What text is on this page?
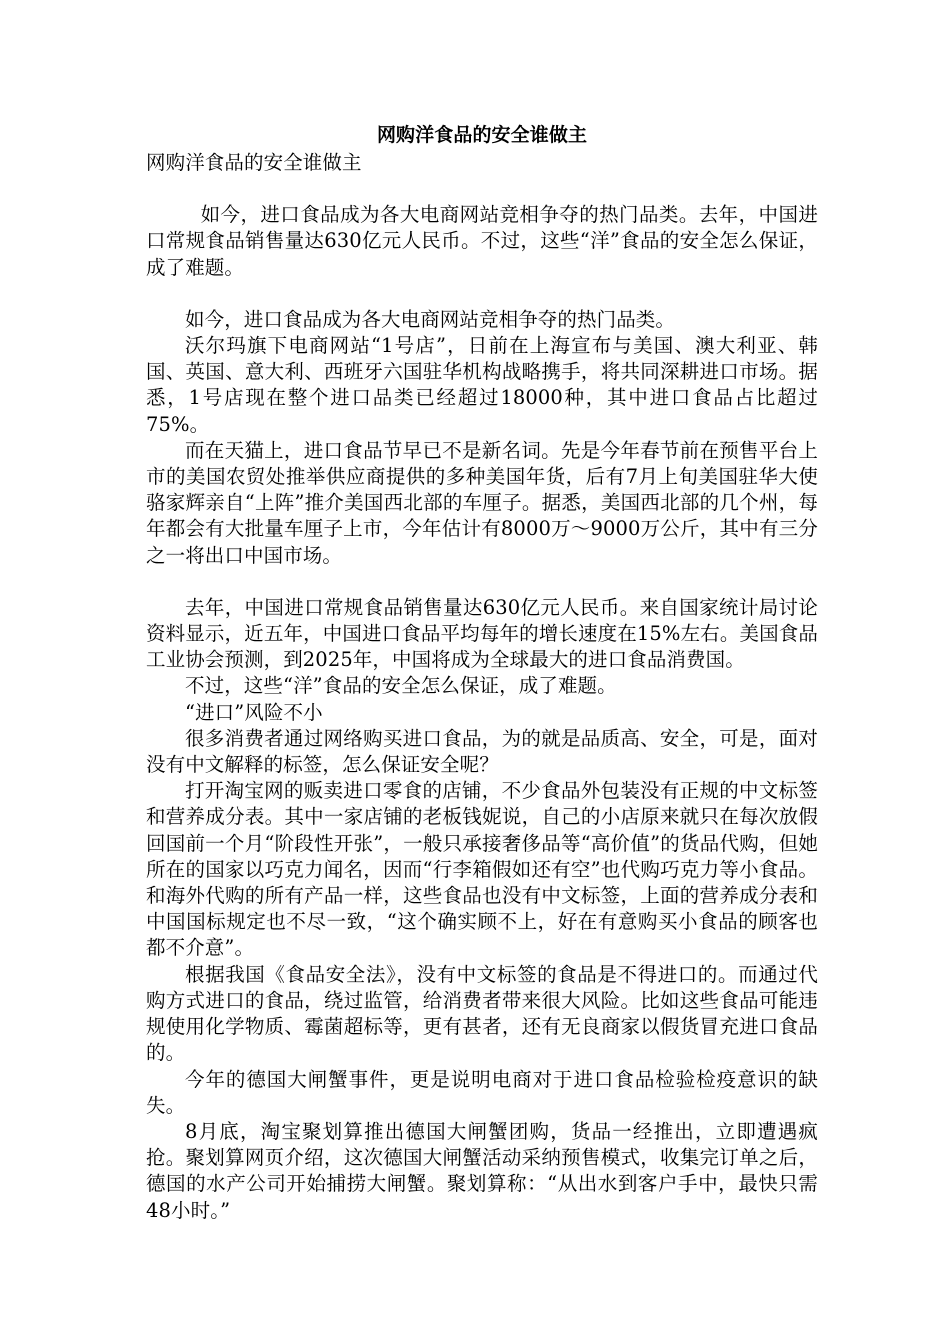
网购洋食品的安全谁做主

网购洋食品的安全谁做主

如今，进口食品成为各大电商网站竞相争夺的热门品类。去年，中国进口常规食品销售量达630亿元人民币。不过，这些“洋”食品的安全怎么保证，成了难题。

如今，进口食品成为各大电商网站竞相争夺的热门品类。

沃尔玛旗下电商网站“1号店”，日前在上海宣布与美国、澳大利亚、韩国、英国、意大利、西班牙六国驻华机构战略携手，将共同深耕进口市场。据悉，1号店现在整个进口品类已经超过18000种，其中进口食品占比超过75%。

而在天猫上，进口食品节早已不是新名词。先是今年春节前在预售平台上市的美国农贸处推举供应商提供的多种美国年货，后有7月上旬美国驻华大使骆家辉亲自“上阵”推介美国西北部的车厘子。据悉，美国西北部的几个州，每年都会有大批量车厘子上市，今年估计有8000万～9000万公斤，其中有三分之一将出口中国市场。

去年，中国进口常规食品销售量达630亿元人民币。来自国家统计局讨论资料显示，近五年，中国进口食品平均每年的增长速度在15%左右。美国食品工业协会预测，到2025年，中国将成为全球最大的进口食品消费国。

不过，这些“洋”食品的安全怎么保证，成了难题。

“进口”风险不小

很多消费者通过网络购买进口食品，为的就是品质高、安全，可是，面对没有中文解释的标签，怎么保证安全呢？

打开淘宝网的贩卖进口零食的店铺，不少食品外包装没有正规的中文标签和营养成分表。其中一家店铺的老板钱妮说，自己的小店原来就只在每次放假回国前一个月“阶段性开张”，一般只承接奢侈品等“高价值”的货品代购，但她所在的国家以巧克力闻名，因而“行李箱假如还有空”也代购巧克力等小食品。和海外代购的所有产品一样，这些食品也没有中文标签，上面的营养成分表和中国国标规定也不尽一致，“这个确实顾不上，好在有意购买小食品的顾客也都不介意”。

根据我国《食品安全法》，没有中文标签的食品是不得进口的。而通过代购方式进口的食品，绕过监管，给消费者带来很大风险。比如这些食品可能违规使用化学物质、霉菌超标等，更有甚者，还有无良商家以假货冒充进口食品的。

今年的德国大闸蟹事件，更是说明电商对于进口食品检验检疫意识的缺失。

8月底，淘宝聚划算推出德国大闸蟹团购，货品一经推出，立即遭遇疯抢。聚划算网页介绍，这次德国大闸蟹活动采纳预售模式，收集完订单之后，德国的水产公司开始捕捞大闸蟹。聚划算称：“从出水到客户手中，最快只需48小时。”
